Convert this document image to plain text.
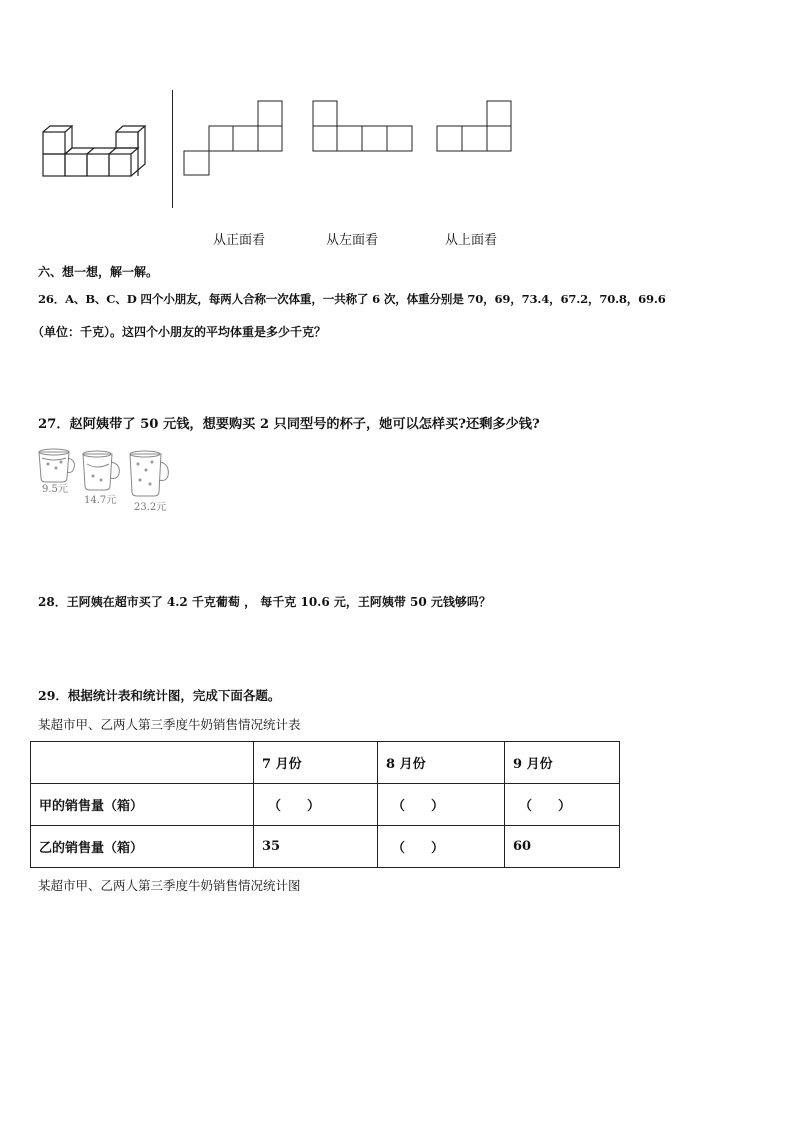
从正面看	从左面看	从上面看
六、想一想，解一解。
26．A、B、C、D 四个小朋友，每两人合称一次体重，一共称了 6 次，体重分别是 70，69，73.4，67.2，70.8，69.6
（单位：千克）。这四个小朋友的平均体重是多少千克？
27．赵阿姨带了 50 元钱，想要购买 2 只同型号的杯子，她可以怎样买?还剩多少钱?
9.5元
14.7元
23.2元
28．王阿姨在超市买了 4.2 千克葡萄 ， 每千克 10.6 元，王阿姨带 50 元钱够吗？
29．根据统计表和统计图，完成下面各题。
某超市甲、乙两人第三季度牛奶销售情况统计表
	7 月份	8 月份	9 月份
甲的销售量（箱）	（　　）	（　　）	（　　）
乙的销售量（箱）	35	（　　）	60
某超市甲、乙两人第三季度牛奶销售情况统计图
